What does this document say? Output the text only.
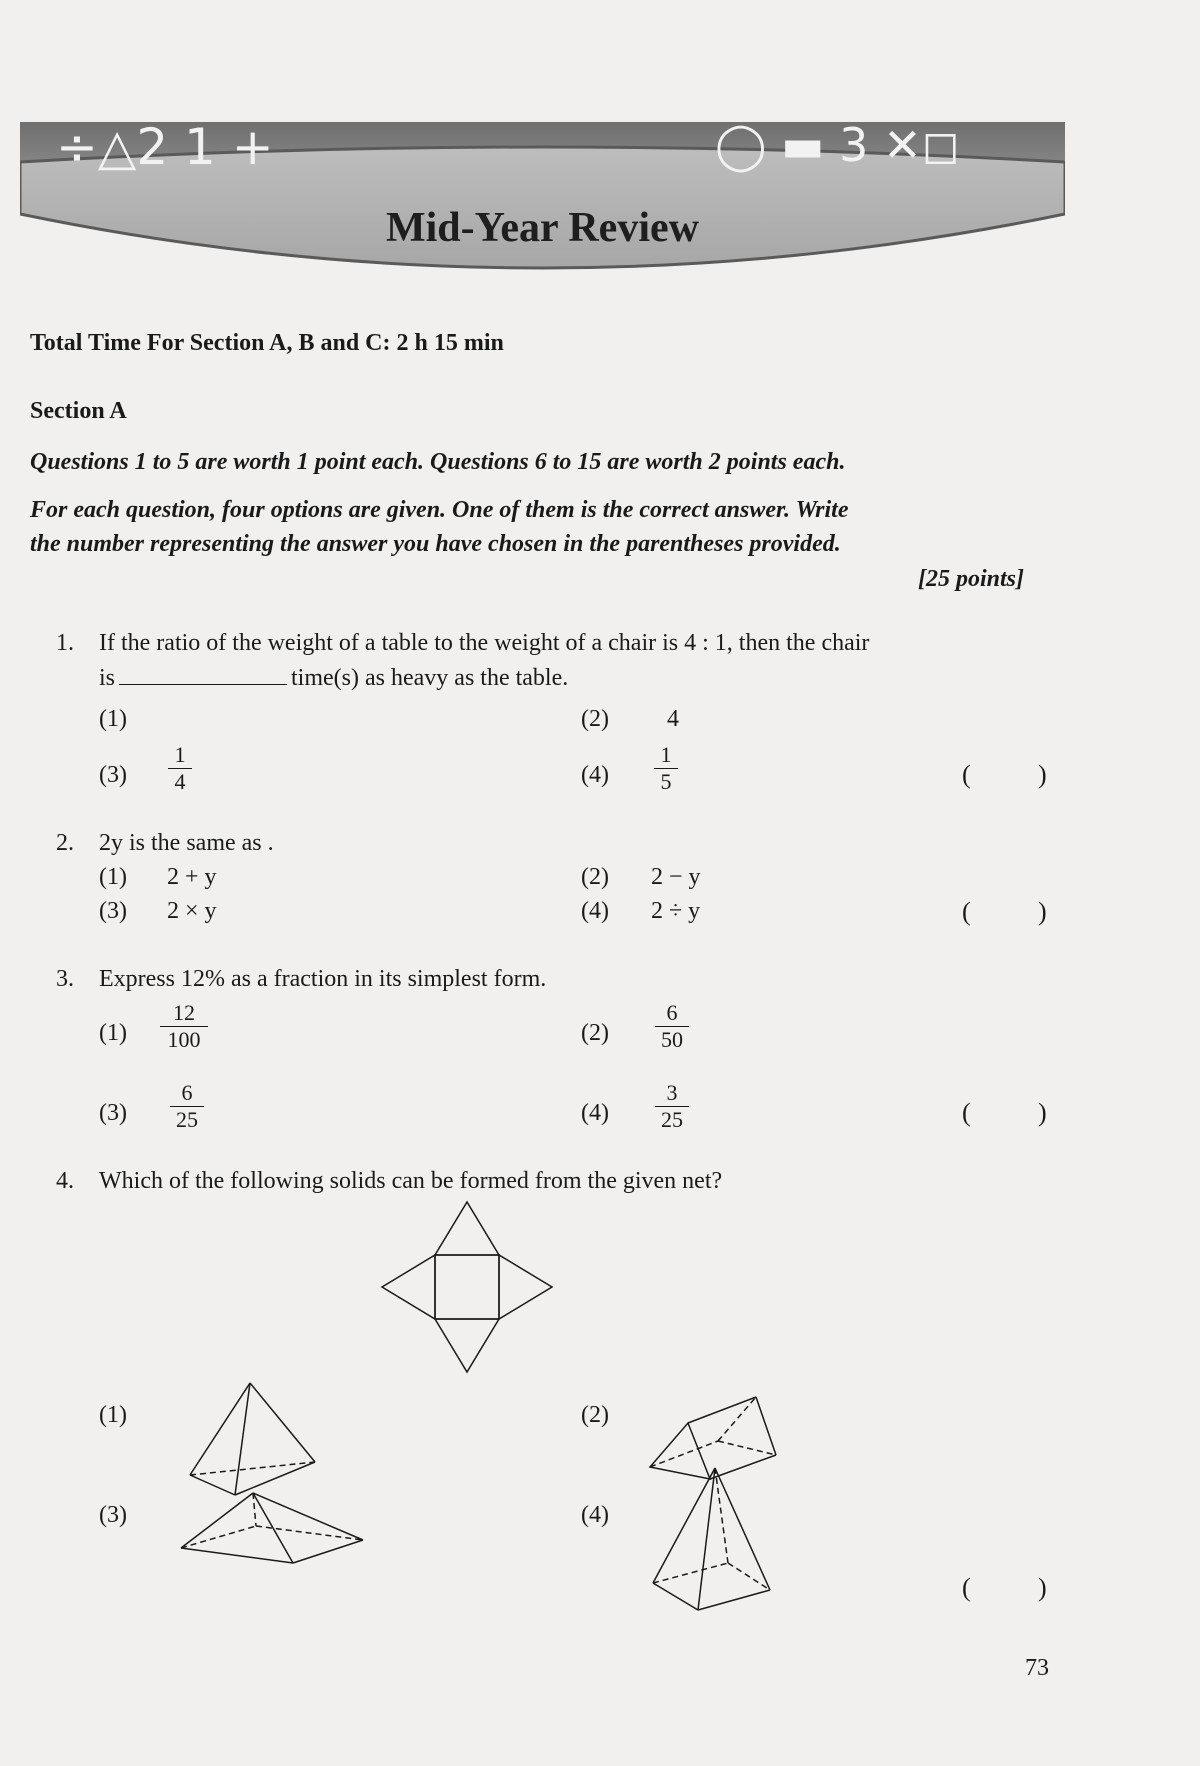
÷△2 1 +	◯ ▬ 3 ✕◻
Mid-Year Review
Total Time For Section A, B and C: 2 h 15 min
Section A
Questions 1 to 5 are worth 1 point each. Questions 6 to 15 are worth 2 points each.
For each question, four options are given. One of them is the correct answer. Write
the number representing the answer you have chosen in the parentheses provided.
[25 points]
1. If the ratio of the weight of a table to the weight of a chair is 4 : 1, then the chair
is	time(s) as heavy as the table.
(1)	(2) 4
$(3) \frac{1}{4}$	$(4) \frac{1}{5}$	(	)
2. 2y is the same as .
(1) 2 + y	(2) 2 − y
(3) 2 × y	(4) 2 ÷ y	(	)
3. Express 12% as a fraction in its simplest form.
$(1) \frac{12}{100}$	$(2) \frac{6}{50}$
$(3) \frac{6}{25}$	$(4) \frac{3}{25}$	(	)
4. Which of the following solids can be formed from the given net?
(1)	(2)
(3)	(4)
(	)
73
